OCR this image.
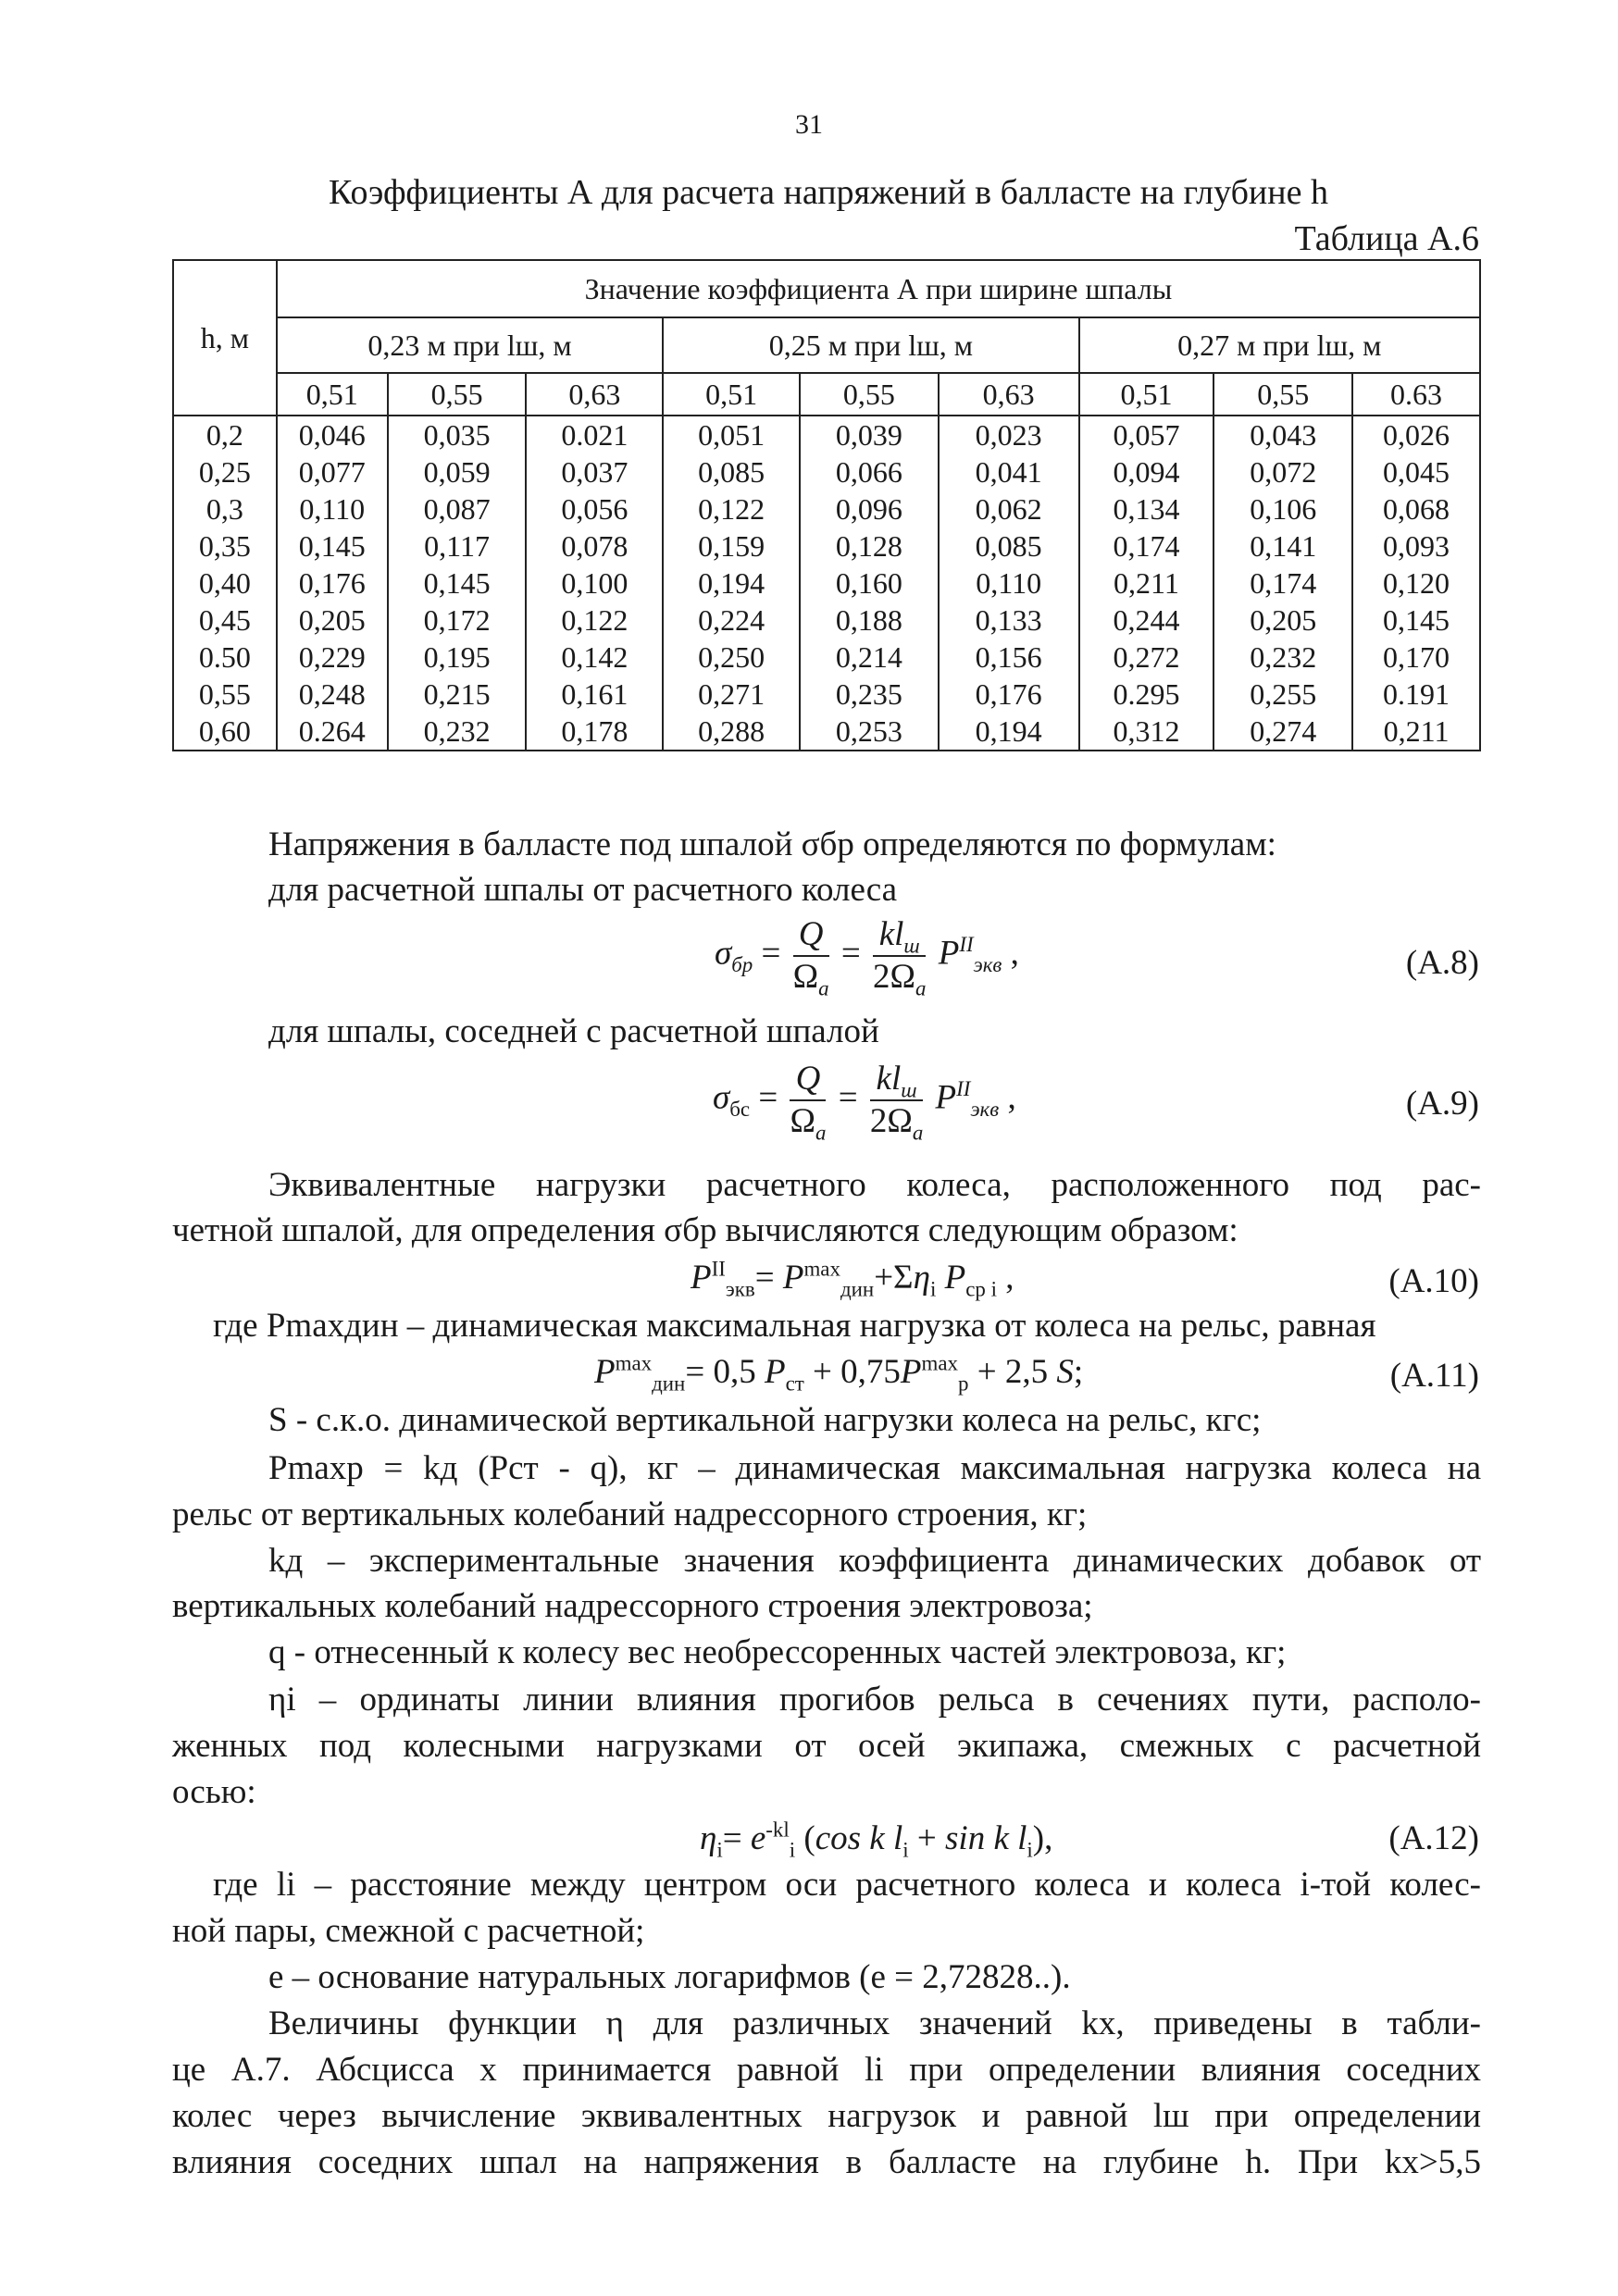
31
Коэффициенты А для расчета напряжений в балласте на глубине h
Таблица А.6
h, м	Значение коэффициента А при ширине шпалы								
	0,23 м при lш, м			0,25 м при lш, м			0,27 м при lш, м		
	0,51	0,55	0,63	0,51	0,55	0,63	0,51	0,55	0.63
0,2	0,046	0,035	0.021	0,051	0,039	0,023	0,057	0,043	0,026
0,25	0,077	0,059	0,037	0,085	0,066	0,041	0,094	0,072	0,045
0,3	0,110	0,087	0,056	0,122	0,096	0,062	0,134	0,106	0,068
0,35	0,145	0,117	0,078	0,159	0,128	0,085	0,174	0,141	0,093
0,40	0,176	0,145	0,100	0,194	0,160	0,110	0,211	0,174	0,120
0,45	0,205	0,172	0,122	0,224	0,188	0,133	0,244	0,205	0,145
0.50	0,229	0,195	0,142	0,250	0,214	0,156	0,272	0,232	0,170
0,55	0,248	0,215	0,161	0,271	0,235	0,176	0.295	0,255	0.191
0,60	0.264	0,232	0,178	0,288	0,253	0,194	0,312	0,274	0,211
Напряжения в балласте под шпалой σбр определяются по формулам:
для расчетной шпалы от расчетного колеса
$\sigma_{бр} = \frac{Q}{\Omega_a} = \frac{kl_ш}{2\Omega_a} P^{II}_{экв}$ ,	(А.8)
для шпалы, соседней с расчетной шпалой
$\sigma_{бс} = \frac{Q}{\Omega_a} = \frac{kl_ш}{2\Omega_a} P^{II}_{экв}$ ,	(А.9)
Эквивалентные нагрузки расчетного колеса, расположенного под рас-
четной шпалой, для определения σбр вычисляются следующим образом:
$P^{II}_{экв}= P^{max}_{дин}+\Sigma\eta_i$ $P_{ср i}$ ,	(А.10)
где Pmaxдин – динамическая максимальная нагрузка от колеса на рельс, равная
$P^{max}_{дин}= 0,5$ $P_{ст} + 0,75P^{max}_р + 2,5$ S;	(А.11)
S - с.к.о. динамической вертикальной нагрузки колеса на рельс, кгс;
Pmaxр = kд (Pст - q), кг – динамическая максимальная нагрузка колеса на
рельс от вертикальных колебаний надрессорного строения, кг;
kд – экспериментальные значения коэффициента динамических добавок от
вертикальных колебаний надрессорного строения электровоза;
q - отнесенный к колесу вес необрессоренных частей электровоза, кг;
ηi – ординаты линии влияния прогибов рельса в сечениях пути, располо-
женных под колесными нагрузками от осей экипажа, смежных с расчетной
осью:
$\eta_i= e^{-kl}_i$ (cos k $l_i + \sin k$ $l_i$),	(А.12)
где li – расстояние между центром оси расчетного колеса и колеса i-той колес-
ной пары, смежной с расчетной;
e – основание натуральных логарифмов (e = 2,72828..).
Величины функции η для различных значений kx, приведены в табли-
це А.7. Абсцисса х принимается равной li при определении влияния соседних
колес через вычисление эквивалентных нагрузок и равной lш при определении
влияния соседних шпал на напряжения в балласте на глубине h. При kx>5,5
